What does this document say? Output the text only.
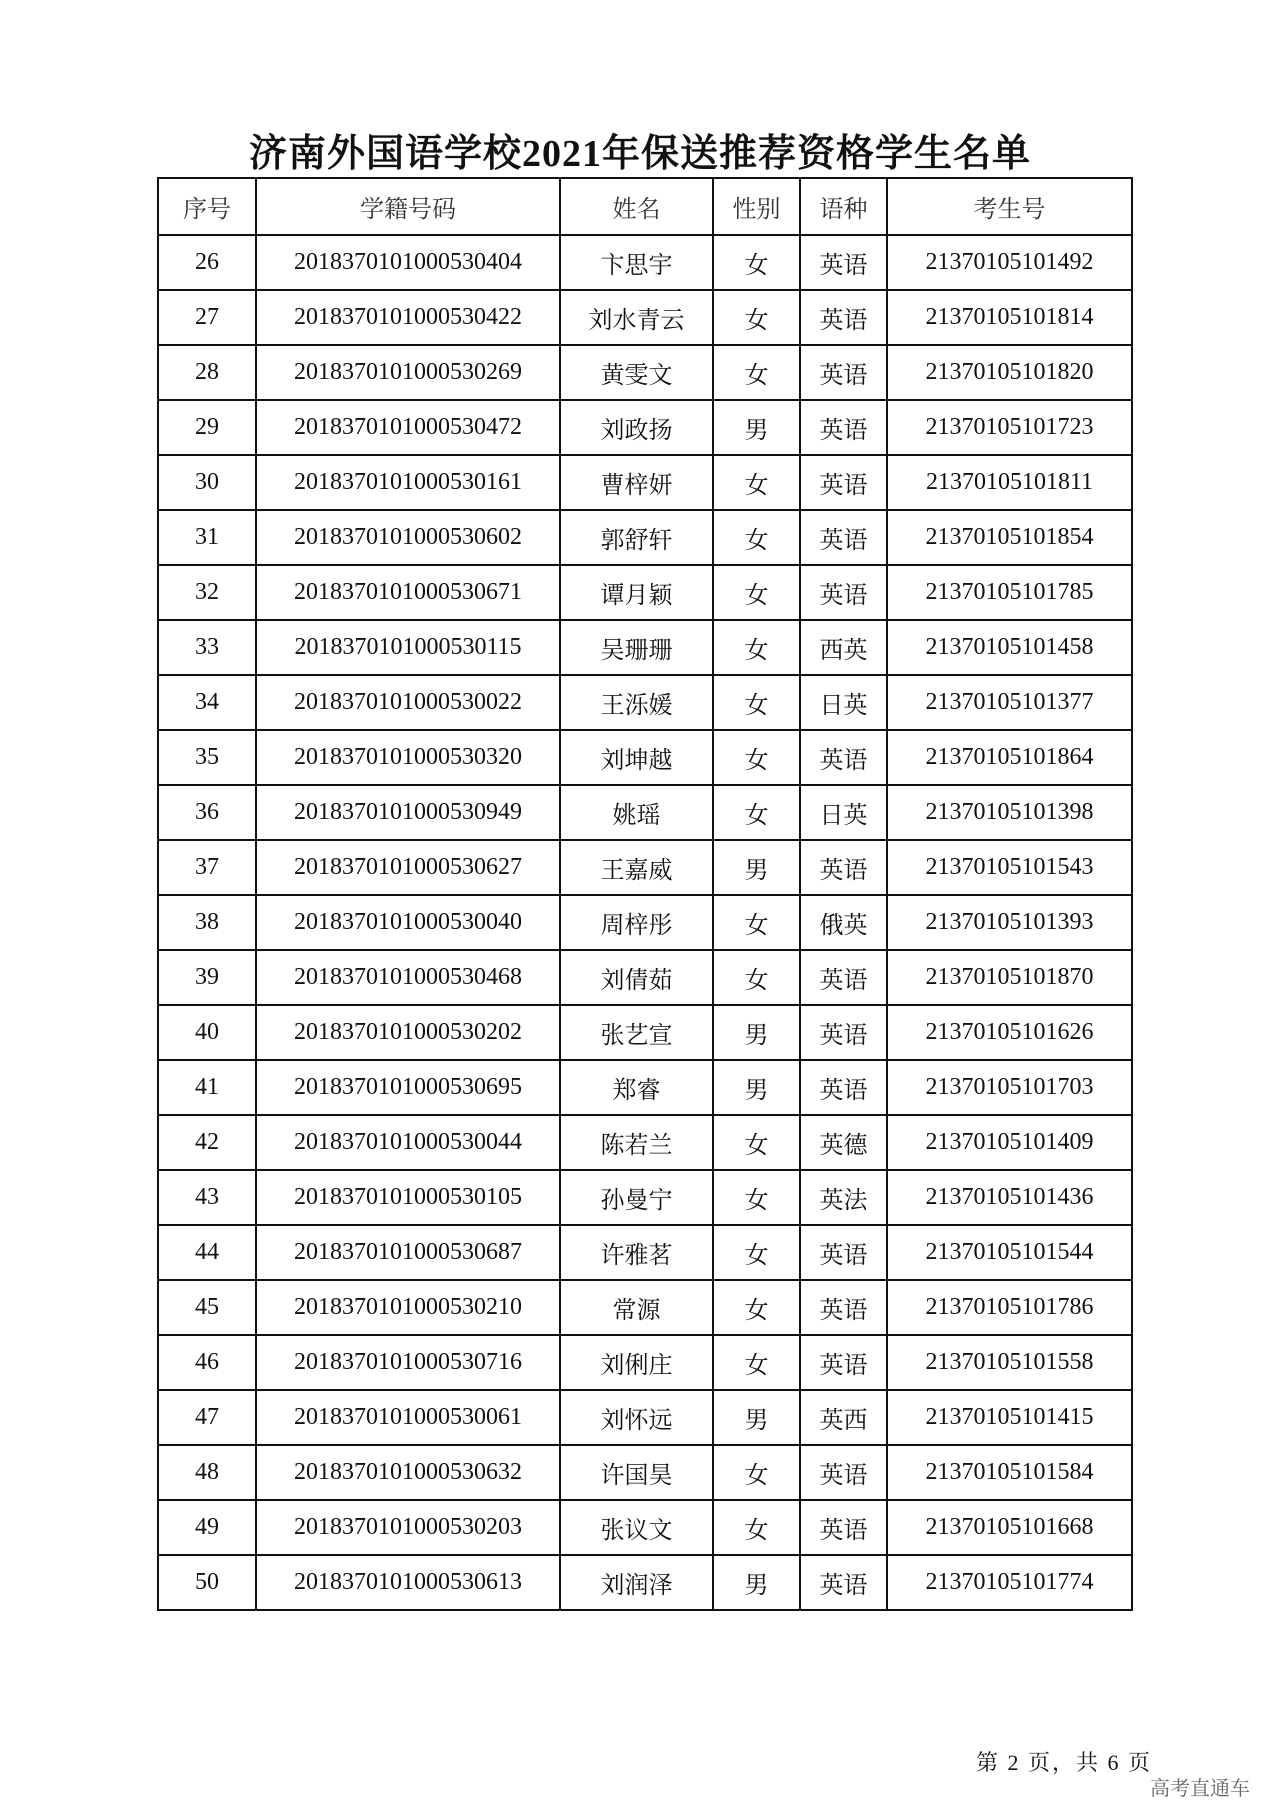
济南外国语学校2021年保送推荐资格学生名单
序号	学籍号码	姓名	性别	语种	考生号
26	2018370101000530404	卞思宇	女	英语	21370105101492
27	2018370101000530422	刘水青云	女	英语	21370105101814
28	2018370101000530269	黄雯文	女	英语	21370105101820
29	2018370101000530472	刘政扬	男	英语	21370105101723
30	2018370101000530161	曹梓妍	女	英语	21370105101811
31	2018370101000530602	郭舒轩	女	英语	21370105101854
32	2018370101000530671	谭月颖	女	英语	21370105101785
33	2018370101000530115	吴珊珊	女	西英	21370105101458
34	2018370101000530022	王泺媛	女	日英	21370105101377
35	2018370101000530320	刘坤越	女	英语	21370105101864
36	2018370101000530949	姚瑶	女	日英	21370105101398
37	2018370101000530627	王嘉威	男	英语	21370105101543
38	2018370101000530040	周梓彤	女	俄英	21370105101393
39	2018370101000530468	刘倩茹	女	英语	21370105101870
40	2018370101000530202	张艺宣	男	英语	21370105101626
41	2018370101000530695	郑睿	男	英语	21370105101703
42	2018370101000530044	陈若兰	女	英德	21370105101409
43	2018370101000530105	孙曼宁	女	英法	21370105101436
44	2018370101000530687	许雅茗	女	英语	21370105101544
45	2018370101000530210	常源	女	英语	21370105101786
46	2018370101000530716	刘俐庄	女	英语	21370105101558
47	2018370101000530061	刘怀远	男	英西	21370105101415
48	2018370101000530632	许国昊	女	英语	21370105101584
49	2018370101000530203	张议文	女	英语	21370105101668
50	2018370101000530613	刘润泽	男	英语	21370105101774
第 2 页，共 6 页
高考直通车
